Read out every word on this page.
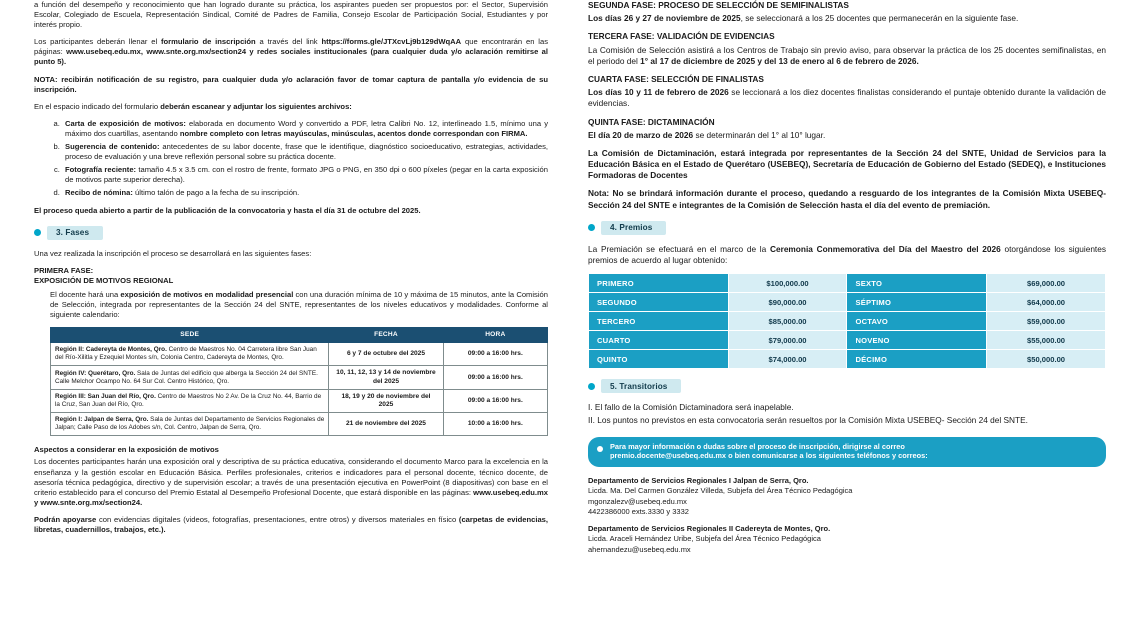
a función del desempeño y reconocimiento que han logrado durante su práctica, los aspirantes pueden ser propuestos por: el Sector, Supervisión Escolar, Colegiado de Escuela, Representación Sindical, Comité de Padres de Familia, Consejo Escolar de Participación Social, Estudiantes y por interés propio.

Los participantes deberán llenar el formulario de inscripción a través del link https://forms.gle/JTXcvLj9b129dWqAA que encontrarán en las páginas: www.usebeq.edu.mx, www.snte.org.mx/section24 y redes sociales institucionales (para cualquier duda y/o aclaración remitirse al punto 5).

NOTA: recibirán notificación de su registro, para cualquier duda y/o aclaración favor de tomar captura de pantalla y/o evidencia de su inscripción.

En el espacio indicado del formulario deberán escanear y adjuntar los siguientes archivos:

a. Carta de exposición de motivos: elaborada en documento Word y convertido a PDF, letra Calibri No. 12, interlineado 1.5, mínimo una y máximo dos cuartillas, asentando nombre completo con letras mayúsculas, minúsculas, acentos donde correspondan con FIRMA.
b. Sugerencia de contenido: antecedentes de su labor docente, frase que le identifique, diagnóstico socioeducativo, estrategias, actividades, proceso de evaluación y una breve reflexión personal sobre su práctica docente.
c. Fotografía reciente: tamaño 4.5 x 3.5 cm. con el rostro de frente, formato JPG o PNG, en 350 dpi o 600 píxeles (pegar en la carta exposición de motivos parte superior derecha).
d. Recibo de nómina: último talón de pago a la fecha de su inscripción.

El proceso queda abierto a partir de la publicación de la convocatoria y hasta el día 31 de octubre del 2025.

3. Fases

Una vez realizada la inscripción el proceso se desarrollará en las siguientes fases:

PRIMERA FASE:
EXPOSICIÓN DE MOTIVOS REGIONAL

El docente hará una exposición de motivos en modalidad presencial con una duración mínima de 10 y máxima de 15 minutos, ante la Comisión de Selección, integrada por representantes de la Sección 24 del SNTE, representantes de los niveles educativos y modalidades. Conforme al siguiente calendario:

SEDE	FECHA	HORA
Región II: Cadereyta de Montes, Qro. Centro de Maestros No. 04 Carretera libre San Juan del Río-Xilitla y Ezequiel Montes s/n, Colonia Centro, Cadereyta de Montes, Qro.	6 y 7 de octubre del 2025	09:00 a 16:00 hrs.
Región IV: Querétaro, Qro. Sala de Juntas del edificio que alberga la Sección 24 del SNTE. Calle Melchor Ocampo No. 64 Sur Col. Centro Histórico, Qro.	10, 11, 12, 13 y 14 de noviembre del 2025	09:00 a 16:00 hrs.
Región III: San Juan del Río, Qro. Centro de Maestros No 2 Av. De la Cruz No. 44, Barrio de la Cruz, San Juan del Río, Qro.	18, 19 y 20 de noviembre del 2025	09:00 a 16:00 hrs.
Región I: Jalpan de Serra, Qro. Sala de Juntas del Departamento de Servicios Regionales de Jalpan; Calle Paso de los Adobes s/n, Col. Centro, Jalpan de Serra, Qro.	21 de noviembre del 2025	10:00 a 16:00 hrs.

Aspectos a considerar en la exposición de motivos

Los docentes participantes harán una exposición oral y descriptiva de su práctica educativa, considerando el documento Marco para la excelencia en la enseñanza y la gestión escolar en Educación Básica. Perfiles profesionales, criterios e indicadores para el personal docente, técnico docente, de asesoría técnica pedagógica, directivo y de supervisión escolar; a través de una presentación ejecutiva en PowerPoint (8 diapositivas) con base en el criterio establecido para el concurso del Premio Estatal al Desempeño Profesional Docente, que estará disponible en las páginas: www.usebeq.edu.mx y www.snte.org.mx/section24.

Podrán apoyarse con evidencias digitales (videos, fotografías, presentaciones, entre otros) y diversos materiales en físico (carpetas de evidencias, libretas, cuadernillos, trabajos, etc.).

SEGUNDA FASE: PROCESO DE SELECCIÓN DE SEMIFINALISTAS

Los días 26 y 27 de noviembre de 2025, se seleccionará a los 25 docentes que permanecerán en la siguiente fase.

TERCERA FASE: VALIDACIÓN DE EVIDENCIAS

La Comisión de Selección asistirá a los Centros de Trabajo sin previo aviso, para observar la práctica de los 25 docentes semifinalistas, en el periodo del 1° al 17 de diciembre de 2025 y del 13 de enero al 6 de febrero de 2026.

CUARTA FASE: SELECCIÓN DE FINALISTAS

Los días 10 y 11 de febrero de 2026 se leccionará a los diez docentes finalistas considerando el puntaje obtenido durante la validación de evidencias.

QUINTA FASE: DICTAMINACIÓN

El día 20 de marzo de 2026 se determinarán del 1° al 10° lugar.

La Comisión de Dictaminación, estará integrada por representantes de la Sección 24 del SNTE, Unidad de Servicios para la Educación Básica en el Estado de Querétaro (USEBEQ), Secretaría de Educación de Gobierno del Estado (SEDEQ), e Instituciones Formadoras de Docentes

Nota: No se brindará información durante el proceso, quedando a resguardo de los integrantes de la Comisión Mixta USEBEQ-Sección 24 del SNTE e integrantes de la Comisión de Selección hasta el día del evento de premiación.

4. Premios

La Premiación se efectuará en el marco de la Ceremonia Conmemorativa del Día del Maestro del 2026 otorgándose los siguientes premios de acuerdo al lugar obtenido:

PRIMERO	$100,000.00	SEXTO	$69,000.00
SEGUNDO	$90,000.00	SÉPTIMO	$64,000.00
TERCERO	$85,000.00	OCTAVO	$59,000.00
CUARTO	$79,000.00	NOVENO	$55,000.00
QUINTO	$74,000.00	DÉCIMO	$50,000.00
5. Transitorios

I. El fallo de la Comisión Dictaminadora será inapelable.

II. Los puntos no previstos en esta convocatoria serán resueltos por la Comisión Mixta USEBEQ- Sección 24 del SNTE.

Para mayor información o dudas sobre el proceso de inscripción, dirigirse al correo
premio.docente@usebeq.edu.mx o bien comunicarse a los siguientes teléfonos y correos:
Departamento de Servicios Regionales I Jalpan de Serra, Qro.
Licda. Ma. Del Carmen González Villeda, Subjefa del Área Técnico Pedagógica
mgonzalezv@usebeq.edu.mx
4422386000 exts.3330 y 3332
Departamento de Servicios Regionales II Cadereyta de Montes, Qro.
Licda. Araceli Hernández Uribe, Subjefa del Área Técnico Pedagógica
ahernandezu@usebeq.edu.mx
